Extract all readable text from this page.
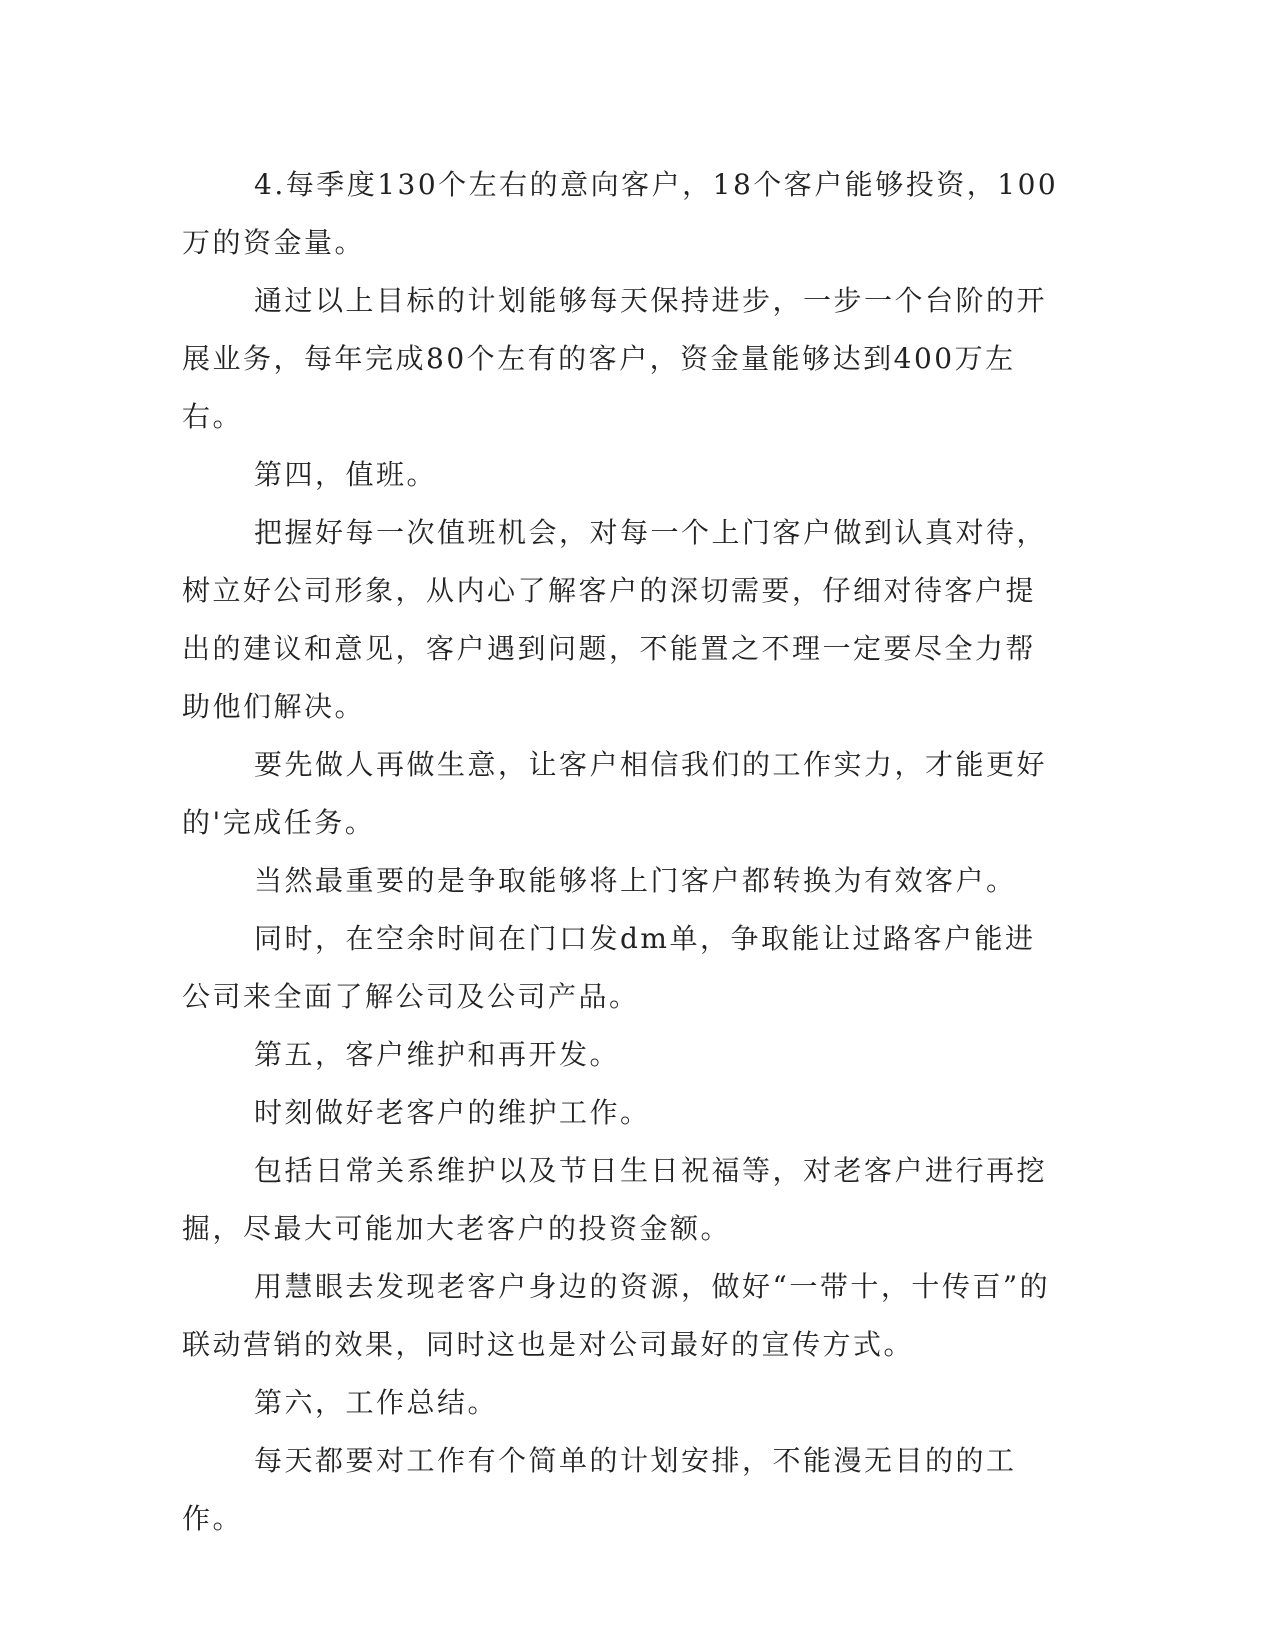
4.每季度130个左右的意向客户，18个客户能够投资，100万的资金量。

通过以上目标的计划能够每天保持进步，一步一个台阶的开展业务，每年完成80个左有的客户，资金量能够达到400万左右。

第四，值班。

把握好每一次值班机会，对每一个上门客户做到认真对待，树立好公司形象，从内心了解客户的深切需要，仔细对待客户提出的建议和意见，客户遇到问题，不能置之不理一定要尽全力帮助他们解决。

要先做人再做生意，让客户相信我们的工作实力，才能更好的'完成任务。

当然最重要的是争取能够将上门客户都转换为有效客户。

同时，在空余时间在门口发dm单，争取能让过路客户能进公司来全面了解公司及公司产品。

第五，客户维护和再开发。

时刻做好老客户的维护工作。

包括日常关系维护以及节日生日祝福等，对老客户进行再挖掘，尽最大可能加大老客户的投资金额。

用慧眼去发现老客户身边的资源，做好“一带十，十传百”的联动营销的效果，同时这也是对公司最好的宣传方式。

第六，工作总结。

每天都要对工作有个简单的计划安排，不能漫无目的的工作。
